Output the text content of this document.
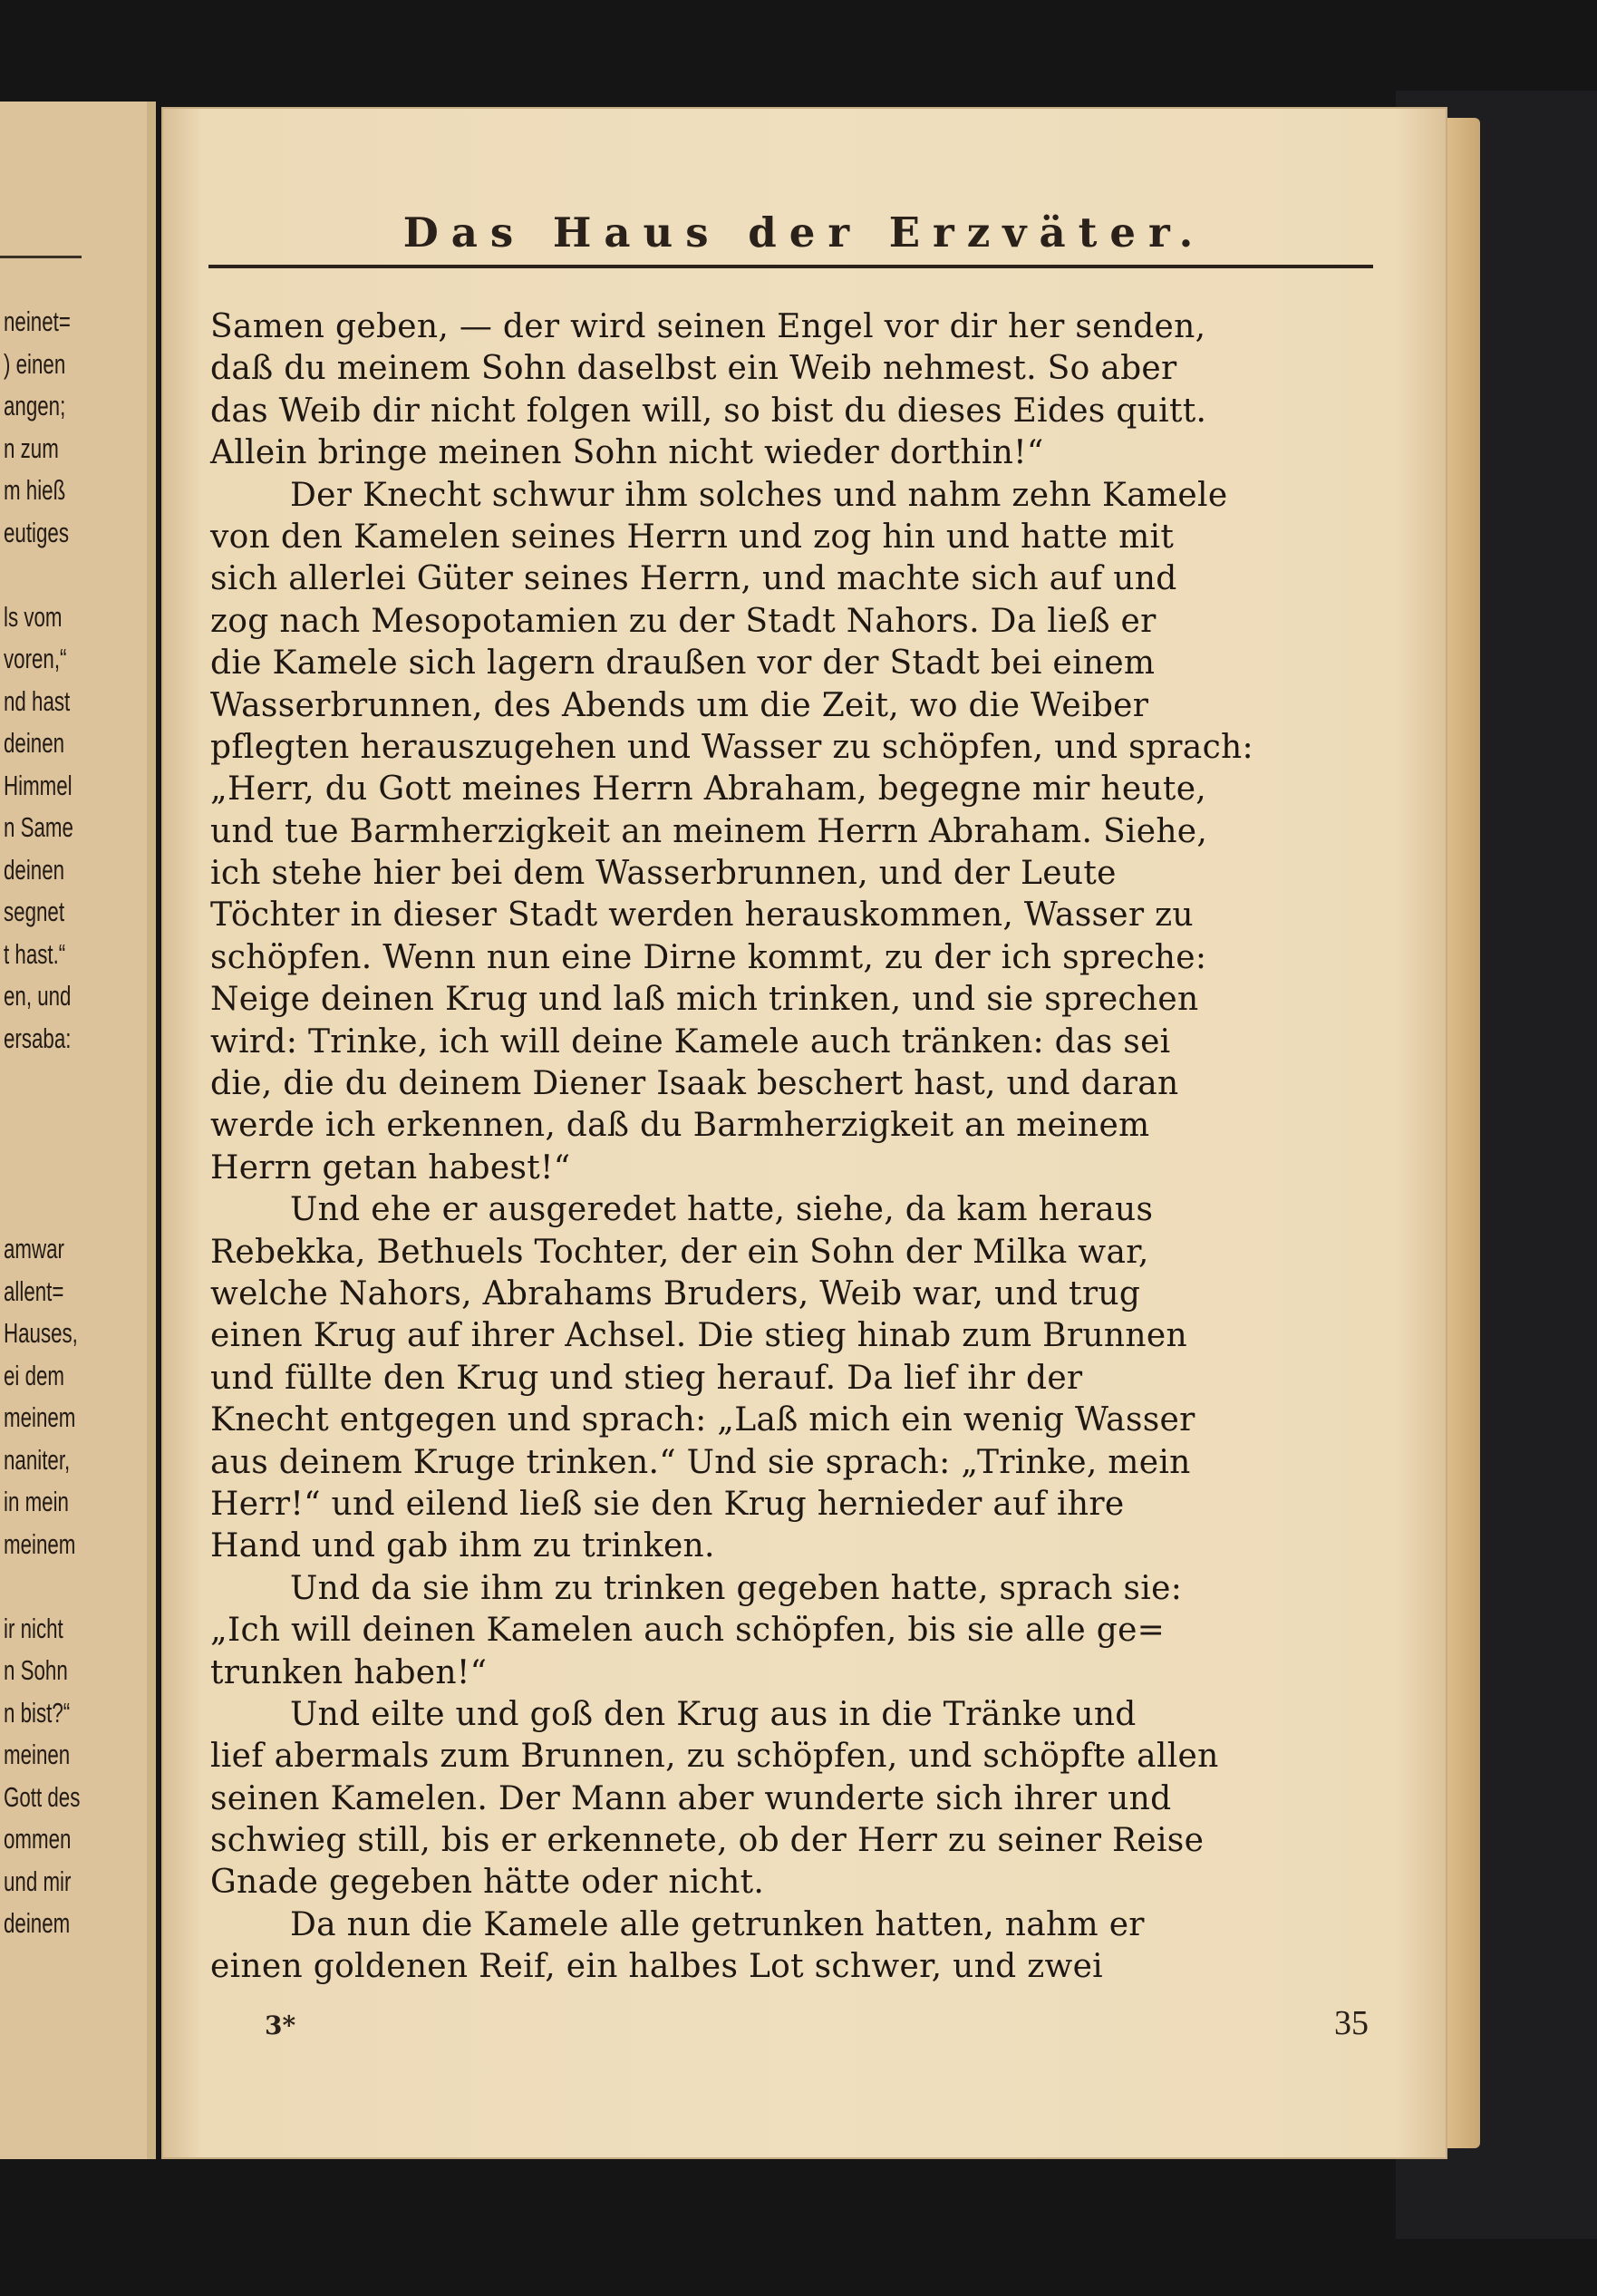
neinet=
) einen
angen;
n zum
m hieß
eutiges
ls vom
voren,“
nd hast
deinen
Himmel
n Same
deinen
segnet
t hast.“
en, und
ersaba:
amwar
allent=
Hauses,
ei dem
meinem
naniter,
in mein
meinem
ir nicht
n Sohn
n bist?“
meinen
Gott des
ommen
und mir
deinem
Das Haus der Erzväter.
Samen geben, — der wird seinen Engel vor dir her senden,
daß du meinem Sohn daselbst ein Weib nehmest. So aber
das Weib dir nicht folgen will, so bist du dieses Eides quitt.
Allein bringe meinen Sohn nicht wieder dorthin!“
Der Knecht schwur ihm solches und nahm zehn Kamele
von den Kamelen seines Herrn und zog hin und hatte mit
sich allerlei Güter seines Herrn, und machte sich auf und
zog nach Mesopotamien zu der Stadt Nahors. Da ließ er
die Kamele sich lagern draußen vor der Stadt bei einem
Wasserbrunnen, des Abends um die Zeit, wo die Weiber
pflegten herauszugehen und Wasser zu schöpfen, und sprach:
„Herr, du Gott meines Herrn Abraham, begegne mir heute,
und tue Barmherzigkeit an meinem Herrn Abraham. Siehe,
ich stehe hier bei dem Wasserbrunnen, und der Leute
Töchter in dieser Stadt werden herauskommen, Wasser zu
schöpfen. Wenn nun eine Dirne kommt, zu der ich spreche:
Neige deinen Krug und laß mich trinken, und sie sprechen
wird: Trinke, ich will deine Kamele auch tränken: das sei
die, die du deinem Diener Isaak beschert hast, und daran
werde ich erkennen, daß du Barmherzigkeit an meinem
Herrn getan habest!“
Und ehe er ausgeredet hatte, siehe, da kam heraus
Rebekka, Bethuels Tochter, der ein Sohn der Milka war,
welche Nahors, Abrahams Bruders, Weib war, und trug
einen Krug auf ihrer Achsel. Die stieg hinab zum Brunnen
und füllte den Krug und stieg herauf. Da lief ihr der
Knecht entgegen und sprach: „Laß mich ein wenig Wasser
aus deinem Kruge trinken.“ Und sie sprach: „Trinke, mein
Herr!“ und eilend ließ sie den Krug hernieder auf ihre
Hand und gab ihm zu trinken.
Und da sie ihm zu trinken gegeben hatte, sprach sie:
„Ich will deinen Kamelen auch schöpfen, bis sie alle ge=
trunken haben!“
Und eilte und goß den Krug aus in die Tränke und
lief abermals zum Brunnen, zu schöpfen, und schöpfte allen
seinen Kamelen. Der Mann aber wunderte sich ihrer und
schwieg still, bis er erkennete, ob der Herr zu seiner Reise
Gnade gegeben hätte oder nicht.
Da nun die Kamele alle getrunken hatten, nahm er
einen goldenen Reif, ein halbes Lot schwer, und zwei
3*	35
